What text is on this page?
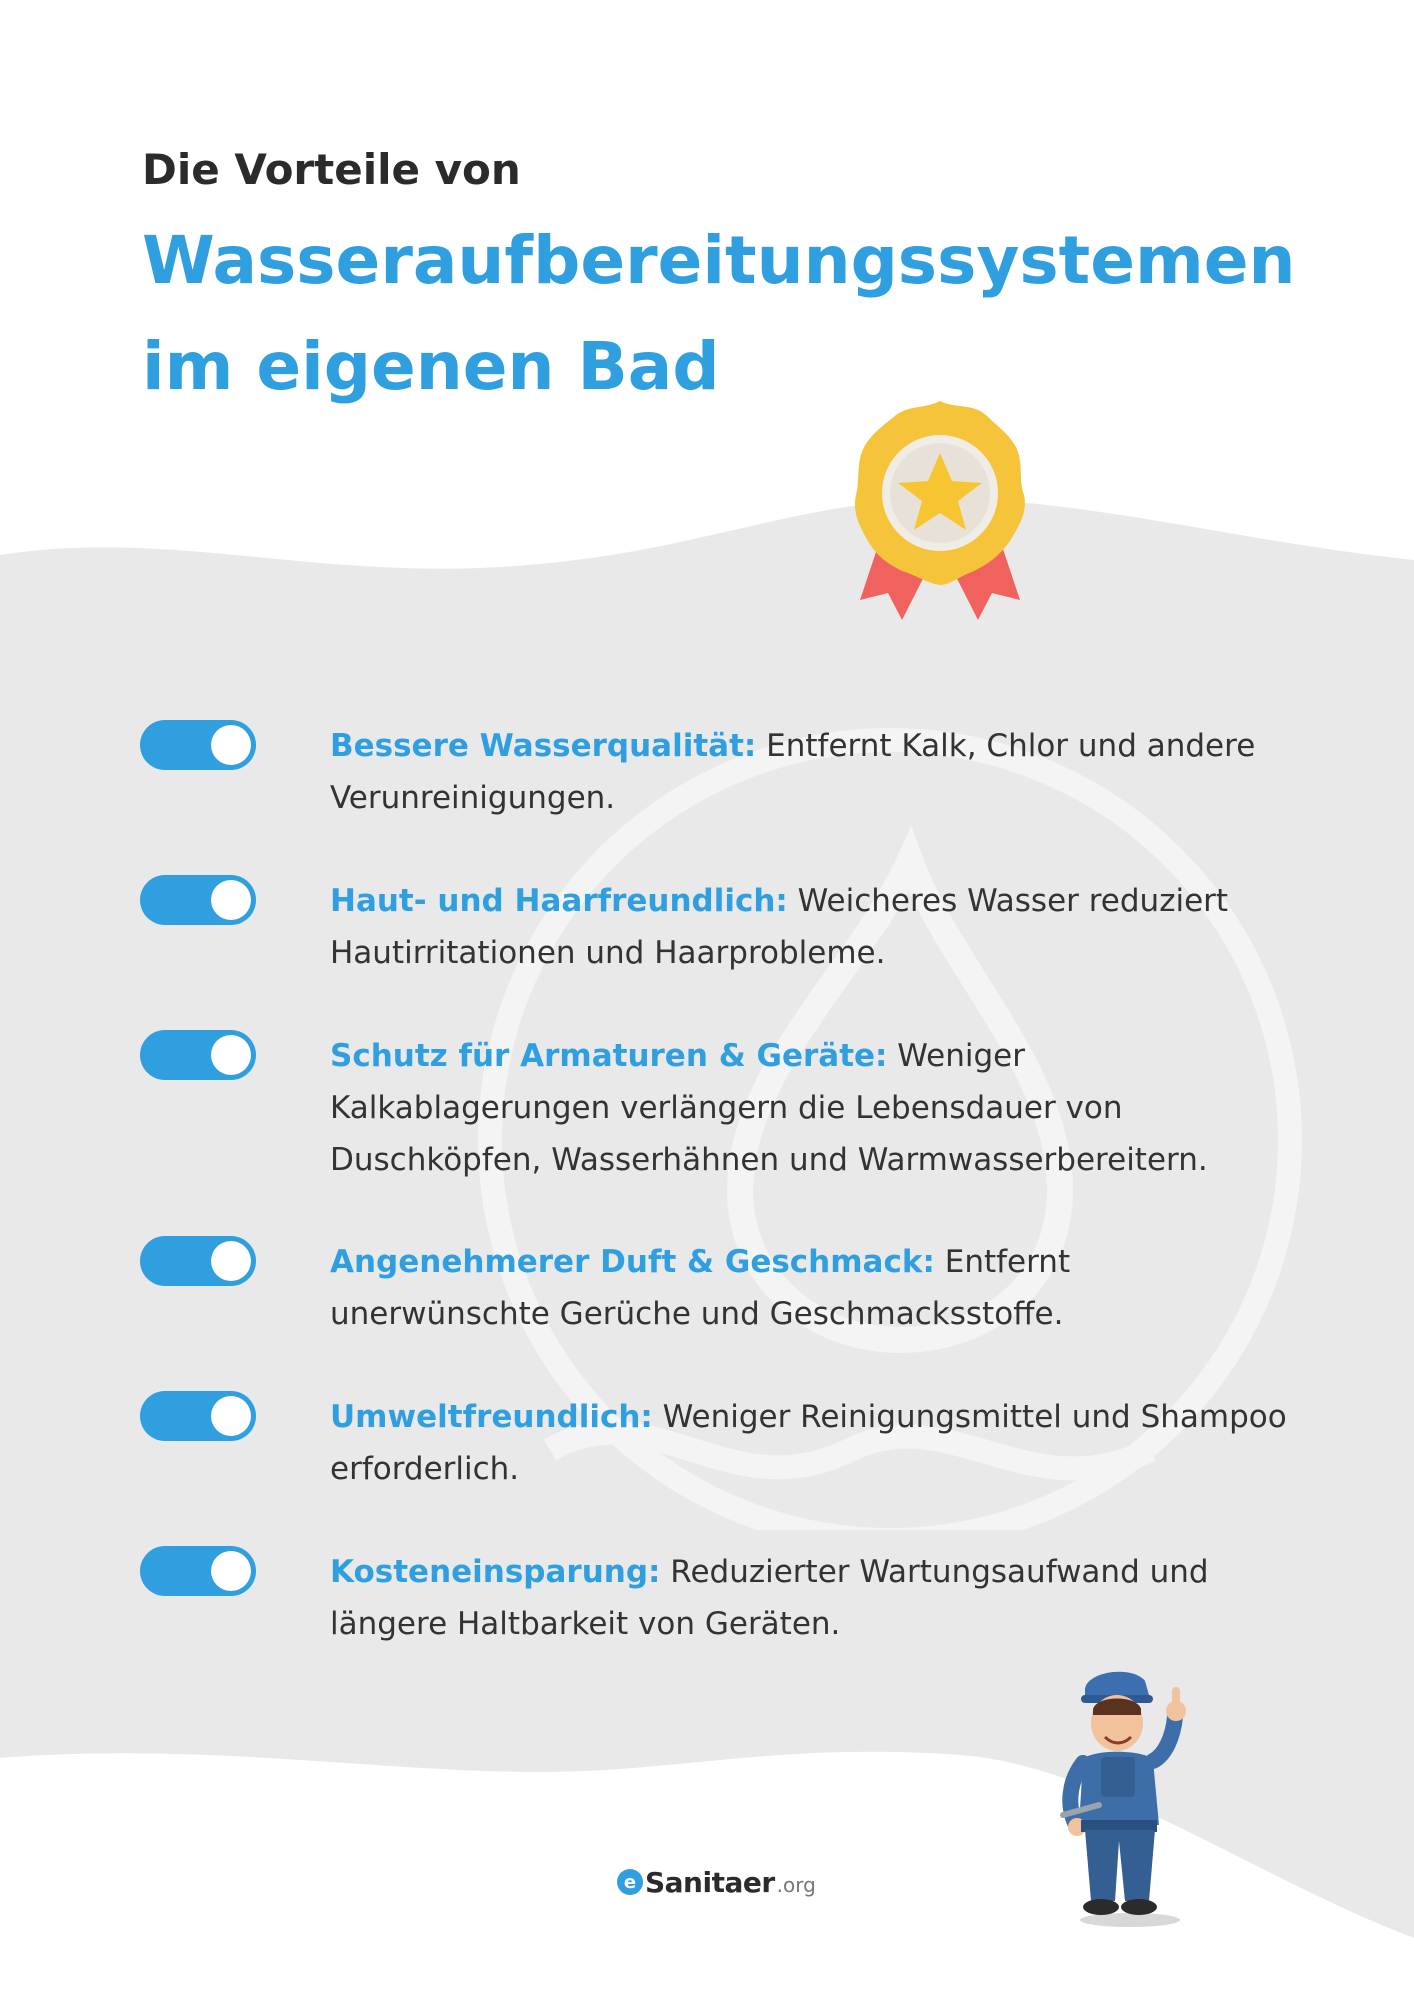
Die Vorteile von

Wasseraufbereitungssystemen

im eigenen Bad

Bessere Wasserqualität: Entfernt Kalk, Chlor und andere Verunreinigungen.

Haut- und Haarfreundlich: Weicheres Wasser reduziert Hautirritationen und Haarprobleme.

Schutz für Armaturen & Geräte: Weniger Kalkablagerungen verlängern die Lebensdauer von Duschköpfen, Wasserhähnen und Warmwasserbereitern.

Angenehmerer Duft & Geschmack: Entfernt unerwünschte Gerüche und Geschmacksstoffe.

Umweltfreundlich: Weniger Reinigungsmittel und Shampoo erforderlich.

Kosteneinsparung: Reduzierter Wartungsaufwand und längere Haltbarkeit von Geräten.

e Sanitaer .org
